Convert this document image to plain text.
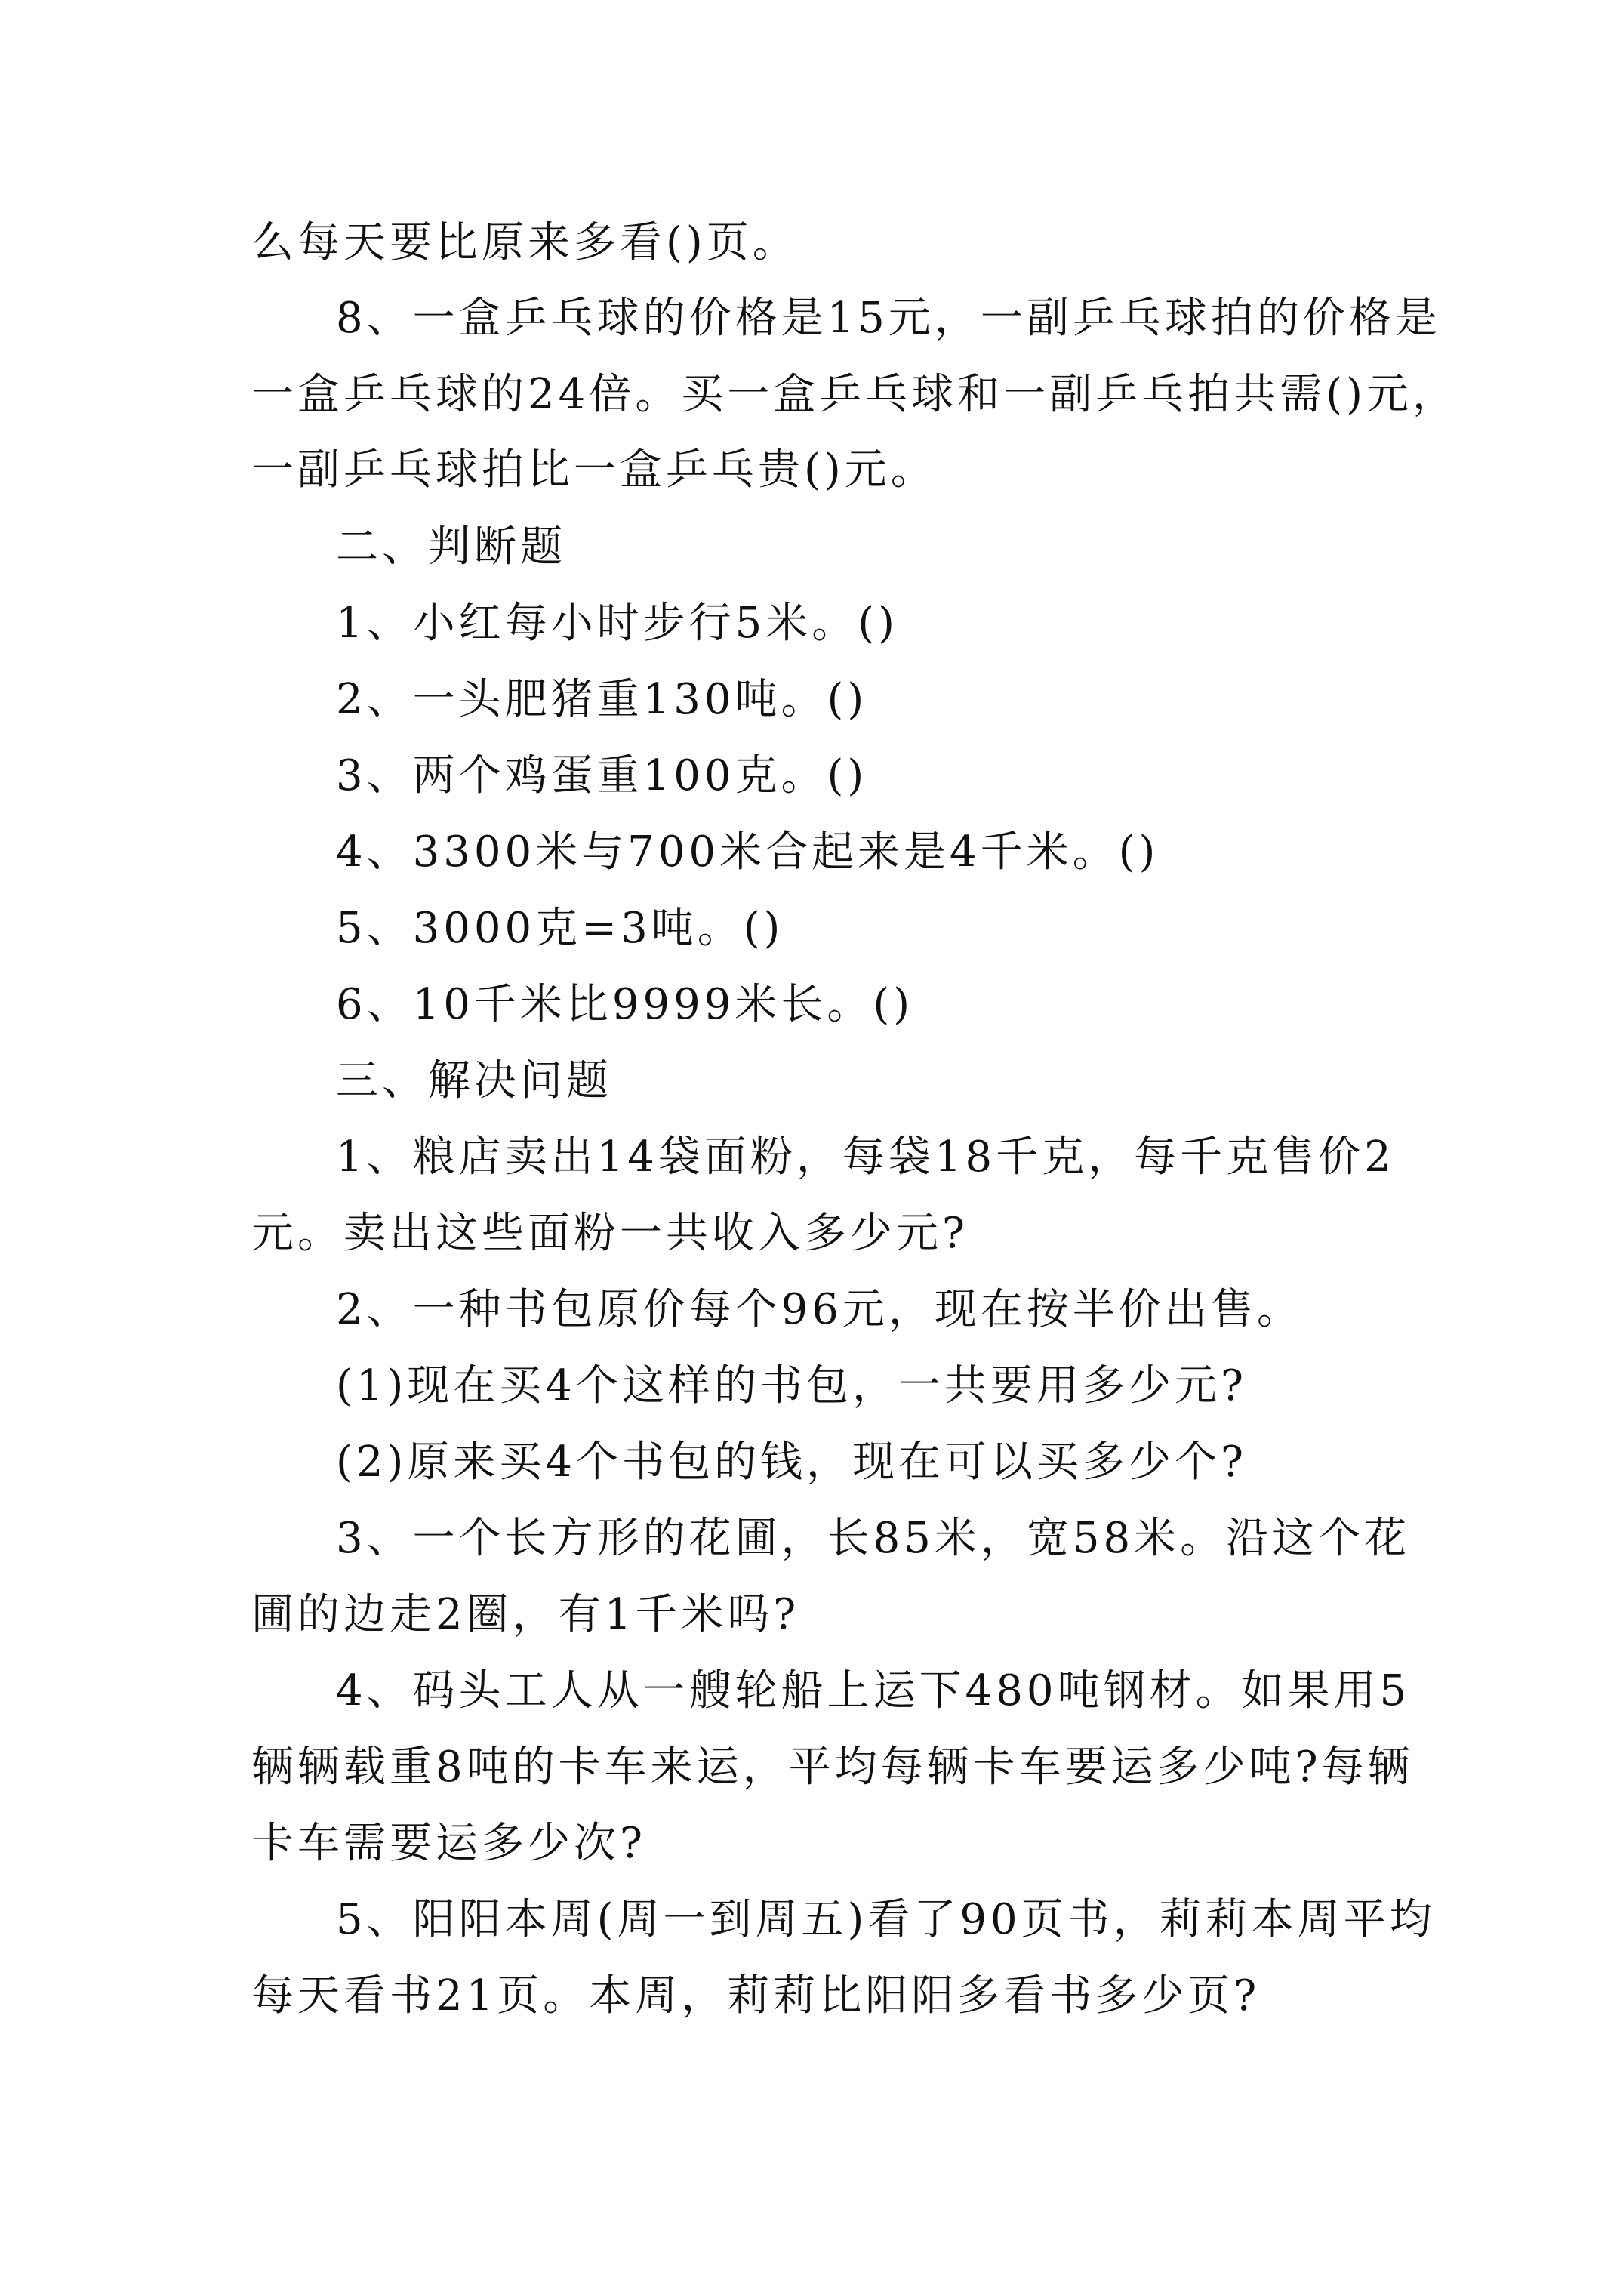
么每天要比原来多看()页。
8、一盒乒乓球的价格是15元，一副乒乓球拍的价格是
一盒乒乓球的24倍。买一盒乒乓球和一副乒乓拍共需()元，
一副乒乓球拍比一盒乒乓贵()元。
二、判断题
1、小红每小时步行5米。()
2、一头肥猪重130吨。()
3、两个鸡蛋重100克。()
4、3300米与700米合起来是4千米。()
5、3000克=3吨。()
6、10千米比9999米长。()
三、解决问题
1、粮店卖出14袋面粉，每袋18千克，每千克售价2
元。卖出这些面粉一共收入多少元?
2、一种书包原价每个96元，现在按半价出售。
(1)现在买4个这样的书包，一共要用多少元?
(2)原来买4个书包的钱，现在可以买多少个?
3、一个长方形的花圃，长85米，宽58米。沿这个花
圃的边走2圈，有1千米吗?
4、码头工人从一艘轮船上运下480吨钢材。如果用5
辆辆载重8吨的卡车来运，平均每辆卡车要运多少吨?每辆
卡车需要运多少次?
5、阳阳本周(周一到周五)看了90页书，莉莉本周平均
每天看书21页。本周，莉莉比阳阳多看书多少页?
